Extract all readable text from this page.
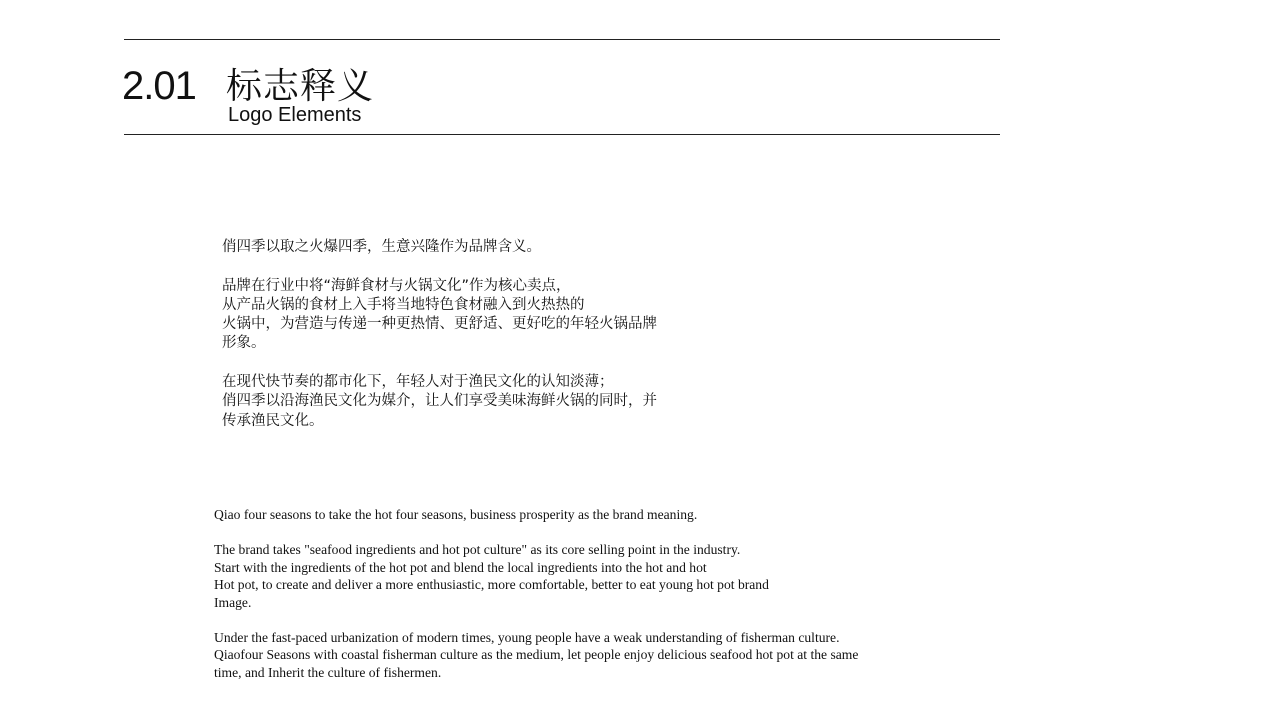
2.01 标志释义
Logo Elements

俏四季以取之火爆四季，生意兴隆作为品牌含义。

品牌在行业中将“海鲜食材与火锅文化”作为核心卖点，
从产品火锅的食材上入手将当地特色食材融入到火热热的
火锅中，为营造与传递一种更热情、更舒适、更好吃的年轻火锅品牌
形象。

在现代快节奏的都市化下，年轻人对于渔民文化的认知淡薄；
俏四季以沿海渔民文化为媒介，让人们享受美味海鲜火锅的同时，并
传承渔民文化。

Qiao four seasons to take the hot four seasons, business prosperity as the brand meaning.

The brand takes "seafood ingredients and hot pot culture" as its core selling point in the industry.
Start with the ingredients of the hot pot and blend the local ingredients into the hot and hot
Hot pot, to create and deliver a more enthusiastic, more comfortable, better to eat young hot pot brand
Image.

Under the fast-paced urbanization of modern times, young people have a weak understanding of fisherman culture.
Qiaofour Seasons with coastal fisherman culture as the medium, let people enjoy delicious seafood hot pot at the same
time, and Inherit the culture of fishermen.
